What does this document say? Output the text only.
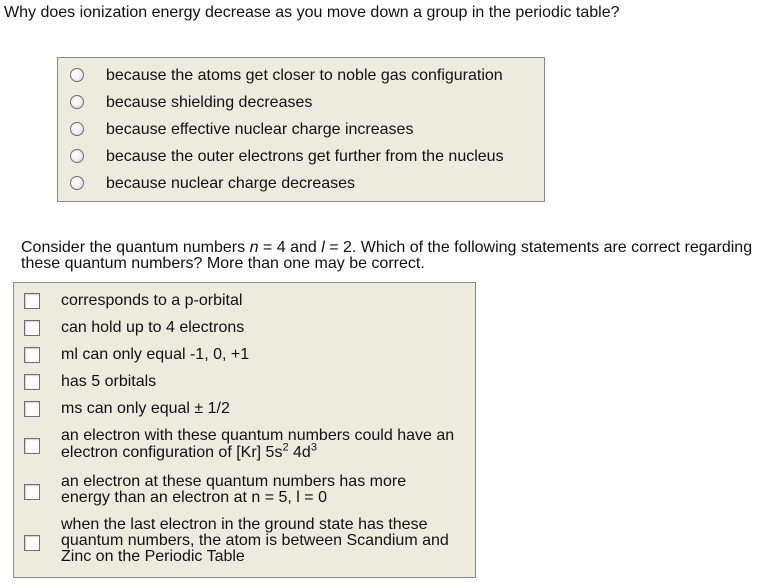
Why does ionization energy decrease as you move down a group in the periodic table?
because the atoms get closer to noble gas configuration
because shielding decreases
because effective nuclear charge increases
because the outer electrons get further from the nucleus
because nuclear charge decreases
Consider the quantum numbers n = 4 and l = 2. Which of the following statements are correct regarding
these quantum numbers? More than one may be correct.
corresponds to a p-orbital
can hold up to 4 electrons
ml can only equal -1, 0, +1
has 5 orbitals
ms can only equal ± 1/2
an electron with these quantum numbers could have an
electron configuration of [Kr] $5s^2$ $4d^3$
an electron at these quantum numbers has more
energy than an electron at n = 5, l = 0
when the last electron in the ground state has these
quantum numbers, the atom is between Scandium and
Zinc on the Periodic Table
